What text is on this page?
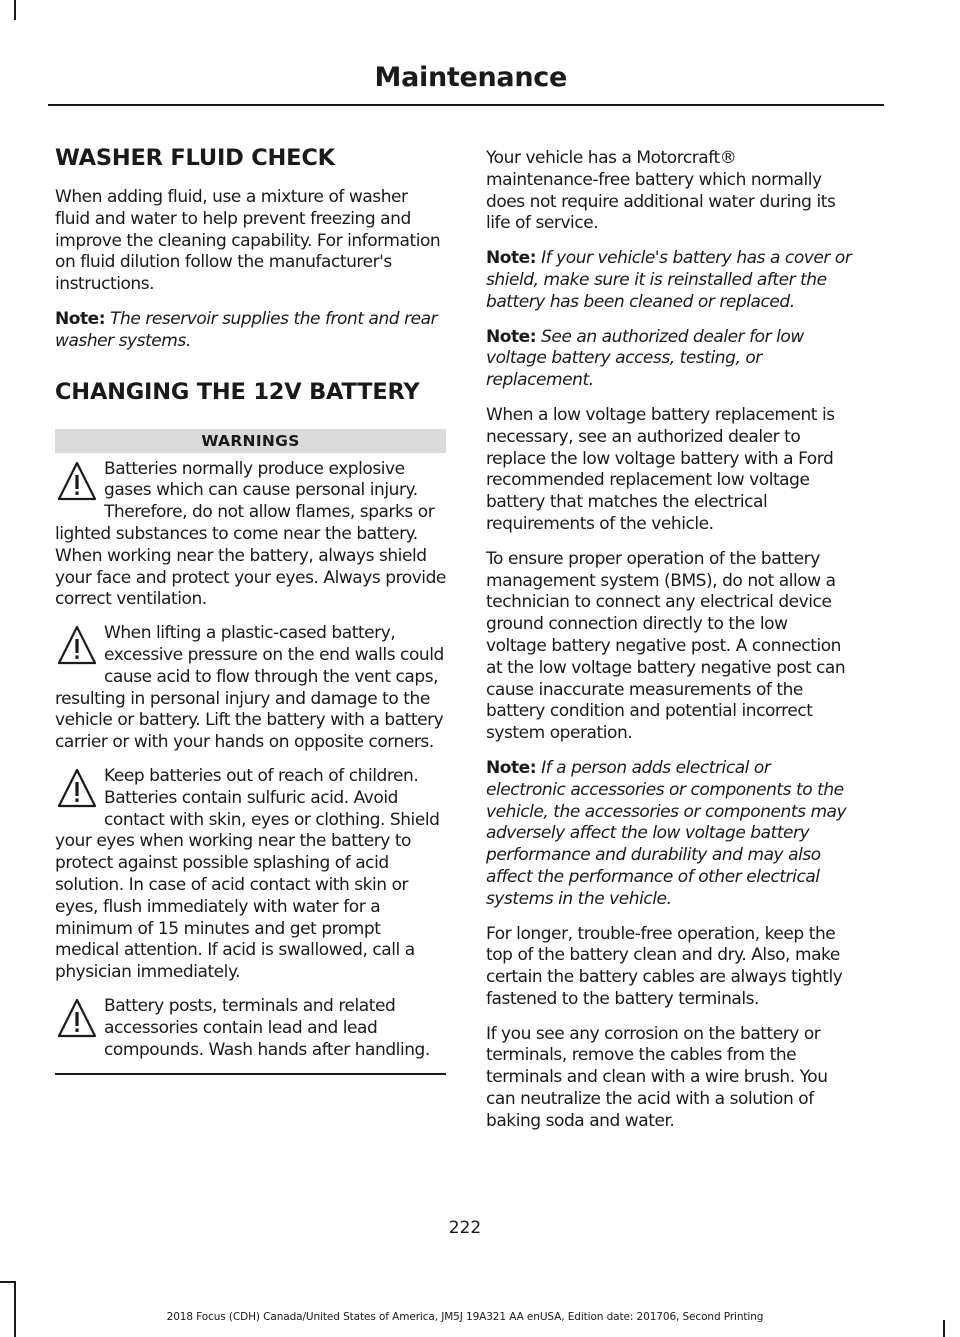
Maintenance
WASHER FLUID CHECK

When adding fluid, use a mixture of washer fluid and water to help prevent freezing and improve the cleaning capability. For information on fluid dilution follow the manufacturer's instructions.

Note: The reservoir supplies the front and rear washer systems.

CHANGING THE 12V BATTERY
WARNINGS

Batteries normally produce explosive gases which can cause personal injury. Therefore, do not allow flames, sparks or lighted substances to come near the battery. When working near the battery, always shield your face and protect your eyes. Always provide correct ventilation.

When lifting a plastic-cased battery, excessive pressure on the end walls could cause acid to flow through the vent caps, resulting in personal injury and damage to the vehicle or battery. Lift the battery with a battery carrier or with your hands on opposite corners.

Keep batteries out of reach of children. Batteries contain sulfuric acid. Avoid contact with skin, eyes or clothing. Shield your eyes when working near the battery to protect against possible splashing of acid solution. In case of acid contact with skin or eyes, flush immediately with water for a minimum of 15 minutes and get prompt medical attention. If acid is swallowed, call a physician immediately.

Battery posts, terminals and related accessories contain lead and lead compounds. Wash hands after handling.

Your vehicle has a Motorcraft® maintenance-free battery which normally does not require additional water during its life of service.

Note: If your vehicle's battery has a cover or shield, make sure it is reinstalled after the battery has been cleaned or replaced.

Note: See an authorized dealer for low voltage battery access, testing, or replacement.

When a low voltage battery replacement is necessary, see an authorized dealer to replace the low voltage battery with a Ford recommended replacement low voltage battery that matches the electrical requirements of the vehicle.

To ensure proper operation of the battery management system (BMS), do not allow a technician to connect any electrical device ground connection directly to the low voltage battery negative post. A connection at the low voltage battery negative post can cause inaccurate measurements of the battery condition and potential incorrect system operation.

Note: If a person adds electrical or electronic accessories or components to the vehicle, the accessories or components may adversely affect the low voltage battery performance and durability and may also affect the performance of other electrical systems in the vehicle.

For longer, trouble-free operation, keep the top of the battery clean and dry. Also, make certain the battery cables are always tightly fastened to the battery terminals.

If you see any corrosion on the battery or terminals, remove the cables from the terminals and clean with a wire brush. You can neutralize the acid with a solution of baking soda and water.

222
2018 Focus (CDH) Canada/United States of America, JM5J 19A321 AA enUSA, Edition date: 201706, Second Printing
